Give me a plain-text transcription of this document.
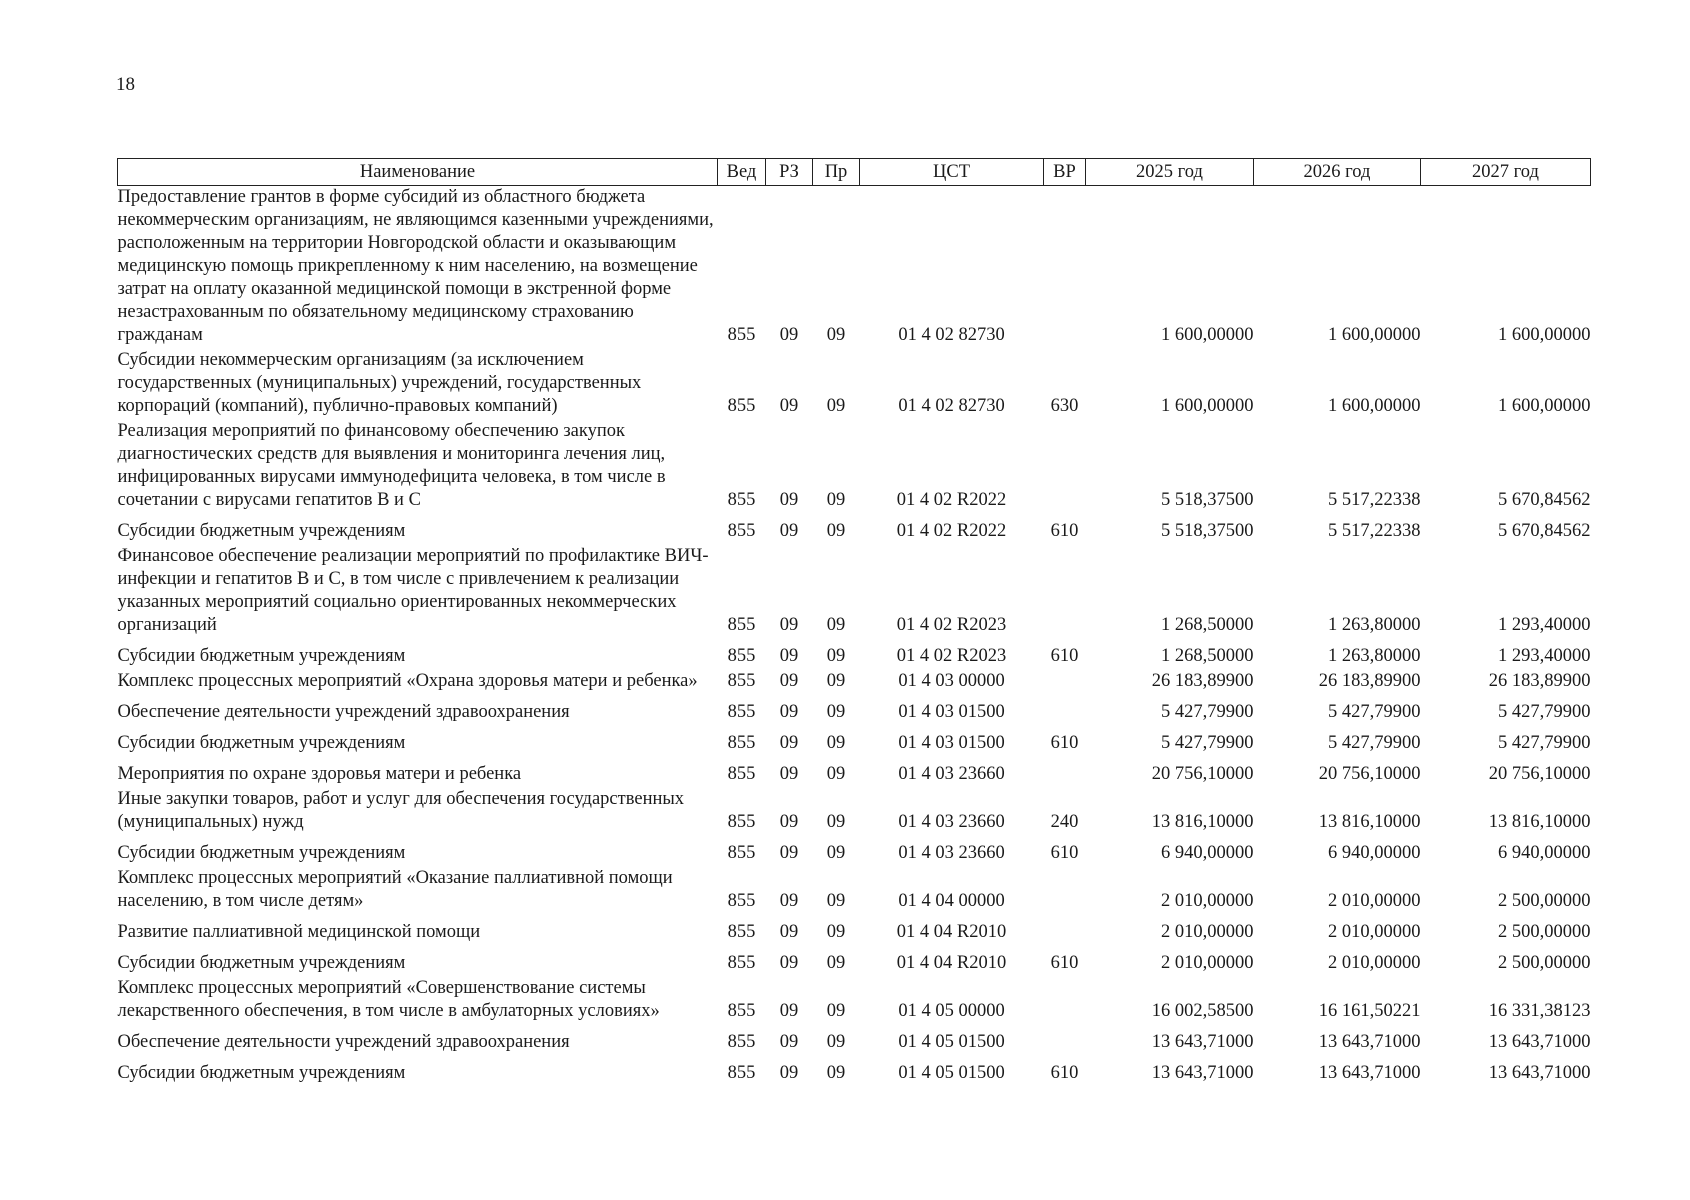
18
Наименование	Вед	РЗ	Пр	ЦСТ	ВР	2025 год	2026 год	2027 год
Предоставление грантов в форме субсидий из областного бюджета некоммерческим организациям, не являющимся казенными учреждениями, расположенным на территории Новгородской области и оказывающим медицинскую помощь прикрепленному к ним населению, на возмещение затрат на оплату оказанной медицинской помощи в экстренной форме незастрахованным по обязательному медицинскому страхованию гражданам	855	09	09	01 4 02 82730		1 600,00000	1 600,00000	1 600,00000
Субсидии некоммерческим организациям (за исключением государственных (муниципальных) учреждений, государственных корпораций (компаний), публично-правовых компаний)	855	09	09	01 4 02 82730	630	1 600,00000	1 600,00000	1 600,00000
Реализация мероприятий по финансовому обеспечению закупок диагностических средств для выявления и мониторинга лечения лиц, инфицированных вирусами иммунодефицита человека, в том числе в сочетании с вирусами гепатитов B и C	855	09	09	01 4 02 R2022		5 518,37500	5 517,22338	5 670,84562
Субсидии бюджетным учреждениям	855	09	09	01 4 02 R2022	610	5 518,37500	5 517,22338	5 670,84562
Финансовое обеспечение реализации мероприятий по профилактике ВИЧ-инфекции и гепатитов B и C, в том числе с привлечением к реализации указанных мероприятий социально ориентированных некоммерческих организаций	855	09	09	01 4 02 R2023		1 268,50000	1 263,80000	1 293,40000
Субсидии бюджетным учреждениям	855	09	09	01 4 02 R2023	610	1 268,50000	1 263,80000	1 293,40000
Комплекс процессных мероприятий «Охрана здоровья матери и ребенка»	855	09	09	01 4 03 00000		26 183,89900	26 183,89900	26 183,89900
Обеспечение деятельности учреждений здравоохранения	855	09	09	01 4 03 01500		5 427,79900	5 427,79900	5 427,79900
Субсидии бюджетным учреждениям	855	09	09	01 4 03 01500	610	5 427,79900	5 427,79900	5 427,79900
Мероприятия по охране здоровья матери и ребенка	855	09	09	01 4 03 23660		20 756,10000	20 756,10000	20 756,10000
Иные закупки товаров, работ и услуг для обеспечения государственных (муниципальных) нужд	855	09	09	01 4 03 23660	240	13 816,10000	13 816,10000	13 816,10000
Субсидии бюджетным учреждениям	855	09	09	01 4 03 23660	610	6 940,00000	6 940,00000	6 940,00000
Комплекс процессных мероприятий «Оказание паллиативной помощи населению, в том числе детям»	855	09	09	01 4 04 00000		2 010,00000	2 010,00000	2 500,00000
Развитие паллиативной медицинской помощи	855	09	09	01 4 04 R2010		2 010,00000	2 010,00000	2 500,00000
Субсидии бюджетным учреждениям	855	09	09	01 4 04 R2010	610	2 010,00000	2 010,00000	2 500,00000
Комплекс процессных мероприятий «Совершенствование системы лекарственного обеспечения, в том числе в амбулаторных условиях»	855	09	09	01 4 05 00000		16 002,58500	16 161,50221	16 331,38123
Обеспечение деятельности учреждений здравоохранения	855	09	09	01 4 05 01500		13 643,71000	13 643,71000	13 643,71000
Субсидии бюджетным учреждениям	855	09	09	01 4 05 01500	610	13 643,71000	13 643,71000	13 643,71000
